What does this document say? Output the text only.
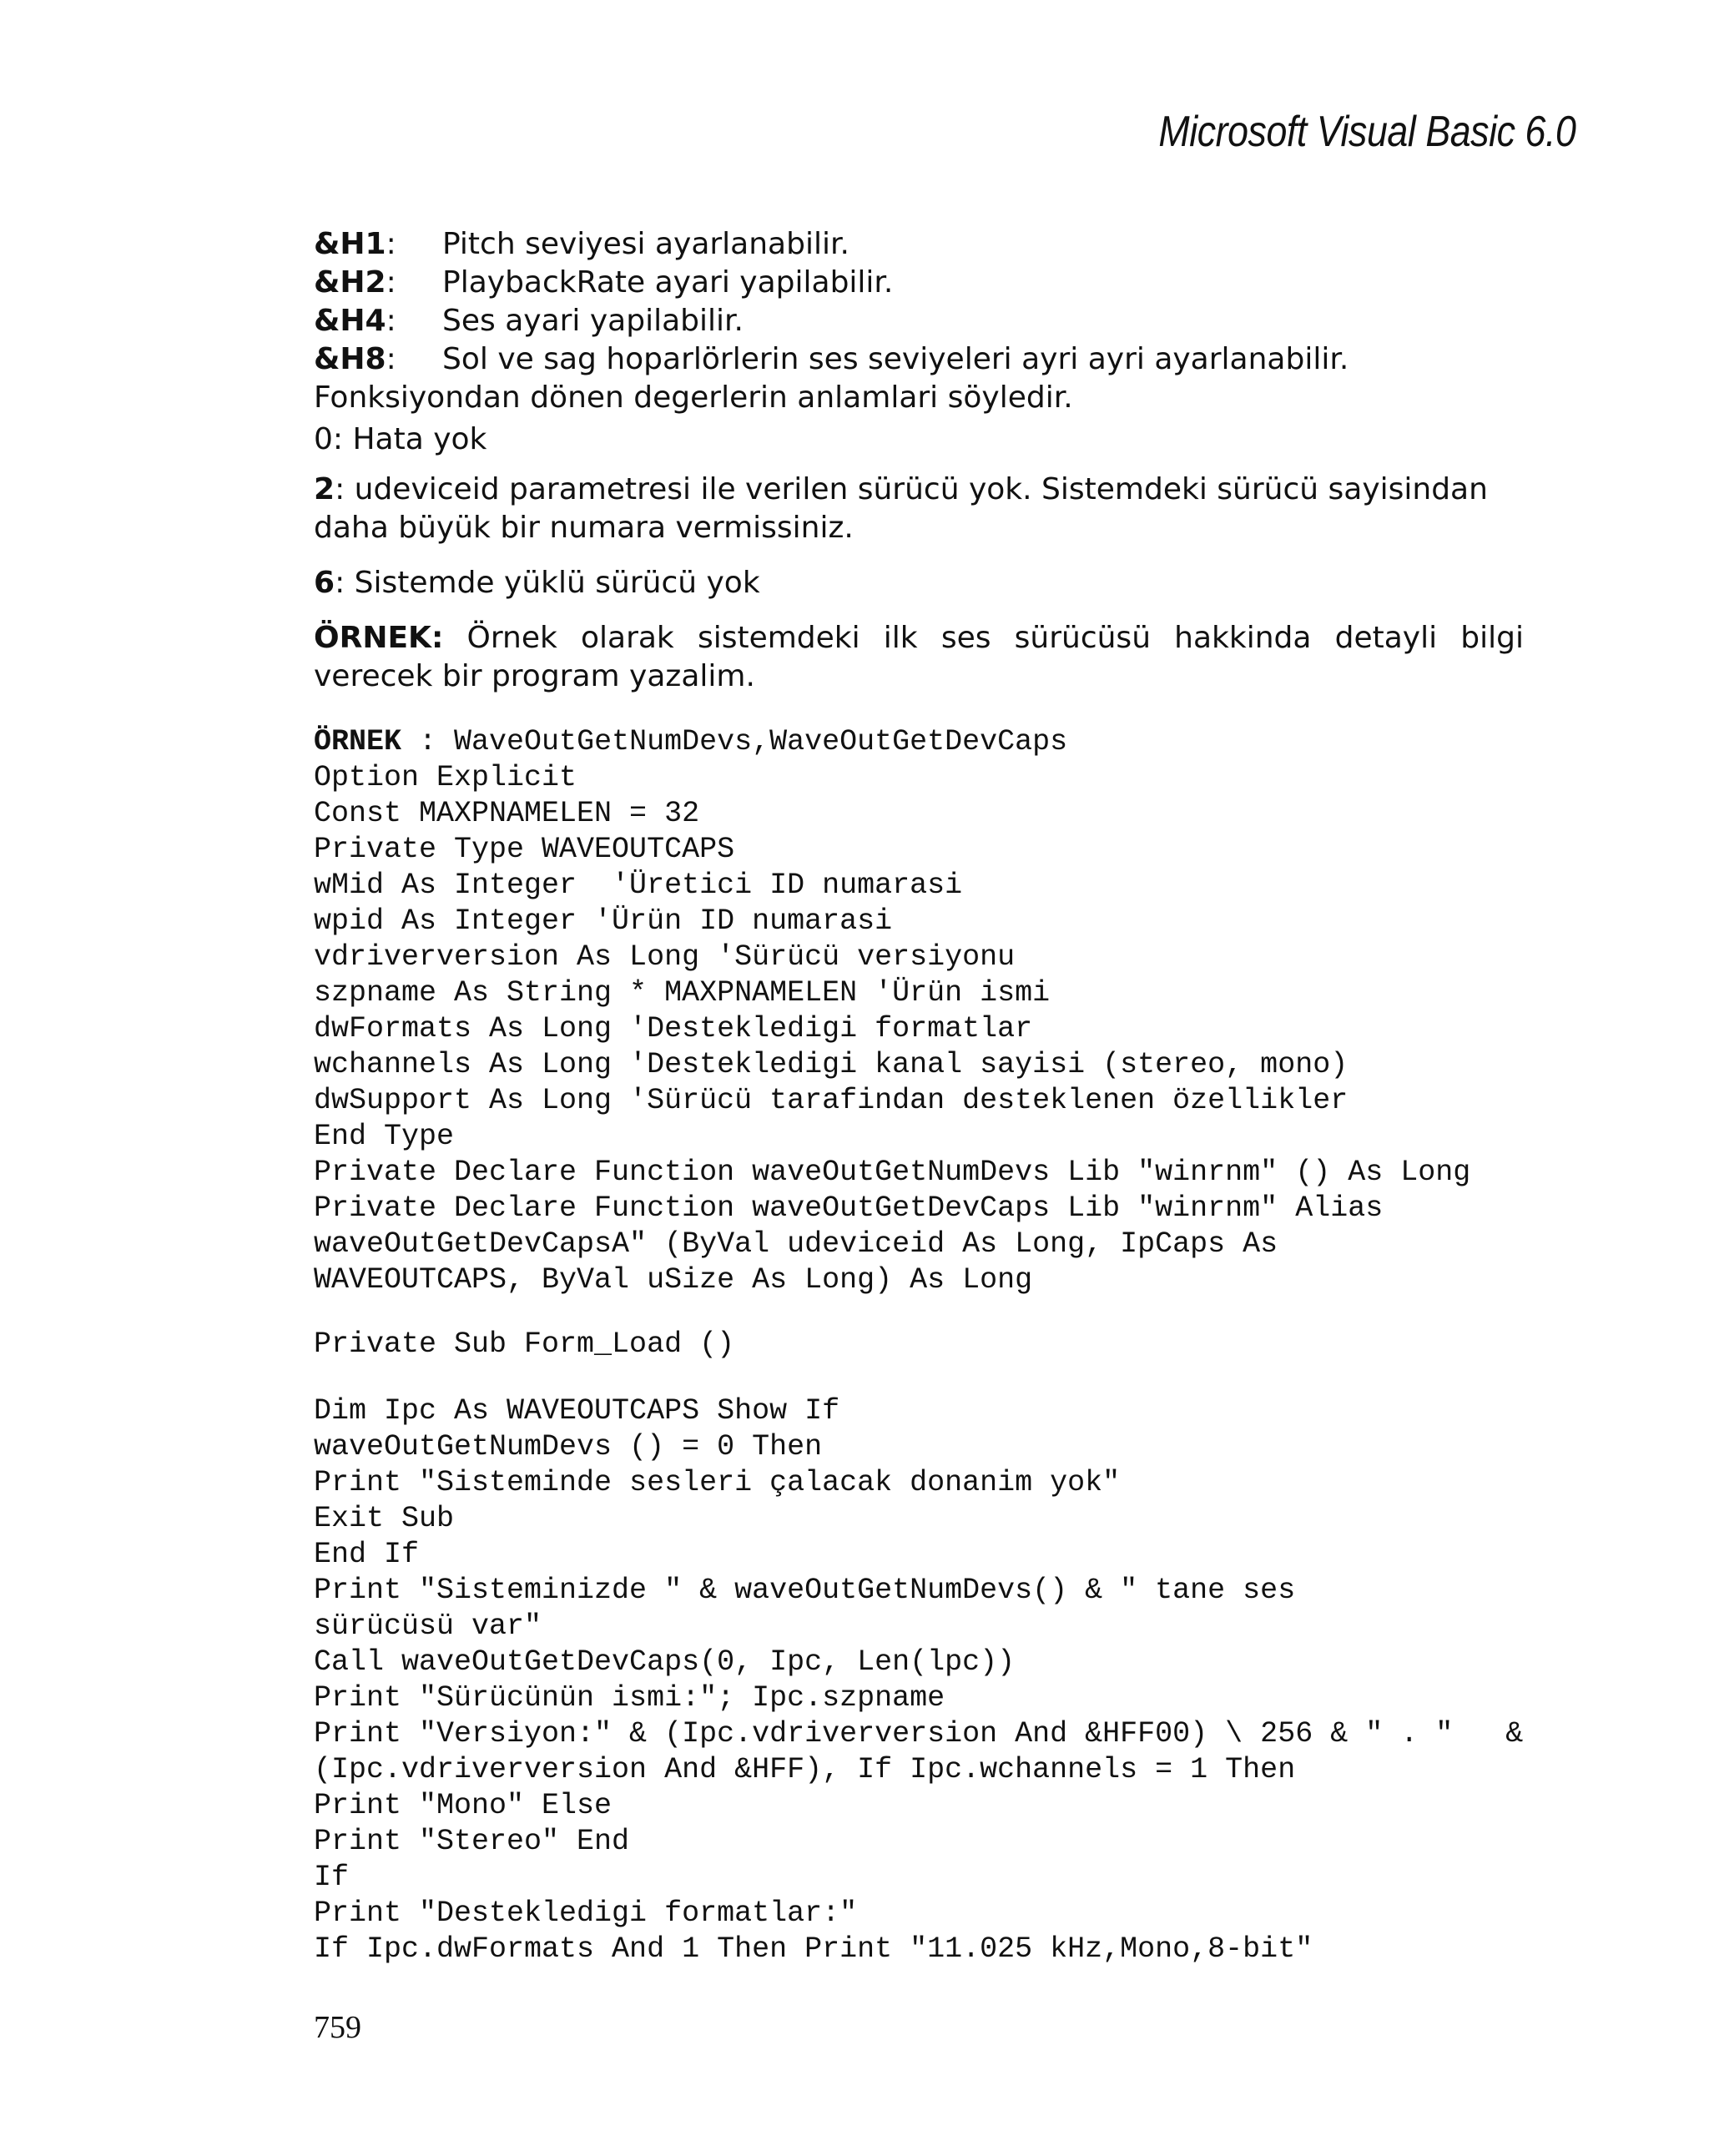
Microsoft Visual Basic 6.0
&H1: Pitch seviyesi ayarlanabilir.
&H2: PlaybackRate ayari yapilabilir.
&H4: Ses ayari yapilabilir.
&H8: Sol ve sag hoparlörlerin ses seviyeleri ayri ayri ayarlanabilir.

Fonksiyondan dönen degerlerin anlamlari söyledir.

0: Hata yok

2: udeviceid parametresi ile verilen sürücü yok. Sistemdeki sürücü sayisindan daha büyük bir numara vermissiniz.

6: Sistemde yüklü sürücü yok

ÖRNEK: Örnek olarak sistemdeki ilk ses sürücüsü hakkinda detayli bilgi verecek bir program yazalim.

ÖRNEK : WaveOutGetNumDevs,WaveOutGetDevCaps
Option Explicit
Const MAXPNAMELEN = 32
Private Type WAVEOUTCAPS
wMid As Integer  'Üretici ID numarasi
wpid As Integer 'Ürün ID numarasi
vdriverversion As Long 'Sürücü versiyonu
szpname As String * MAXPNAMELEN 'Ürün ismi
dwFormats As Long 'Destekledigi formatlar
wchannels As Long 'Destekledigi kanal sayisi (stereo, mono)
dwSupport As Long 'Sürücü tarafindan desteklenen özellikler
End Type
Private Declare Function waveOutGetNumDevs Lib "winrnm" () As Long
Private Declare Function waveOutGetDevCaps Lib "winrnm" Alias
waveOutGetDevCapsA" (ByVal udeviceid As Long, IpCaps As
WAVEOUTCAPS, ByVal uSize As Long) As Long
Private Sub Form_Load ()
Dim Ipc As WAVEOUTCAPS Show If
waveOutGetNumDevs () = 0 Then
Print "Sisteminde sesleri çalacak donanim yok"
Exit Sub
End If
Print "Sisteminizde " & waveOutGetNumDevs() & " tane ses
sürücüsü var"
Call waveOutGetDevCaps(0, Ipc, Len(lpc))
Print "Sürücünün ismi:"; Ipc.szpname
Print "Versiyon:" & (Ipc.vdriverversion And &HFF00) \ 256 & " . "   &
(Ipc.vdriverversion And &HFF), If Ipc.wchannels = 1 Then
Print "Mono" Else
Print "Stereo" End
If
Print "Destekledigi formatlar:"
If Ipc.dwFormats And 1 Then Print "11.025 kHz,Mono,8-bit"
759
